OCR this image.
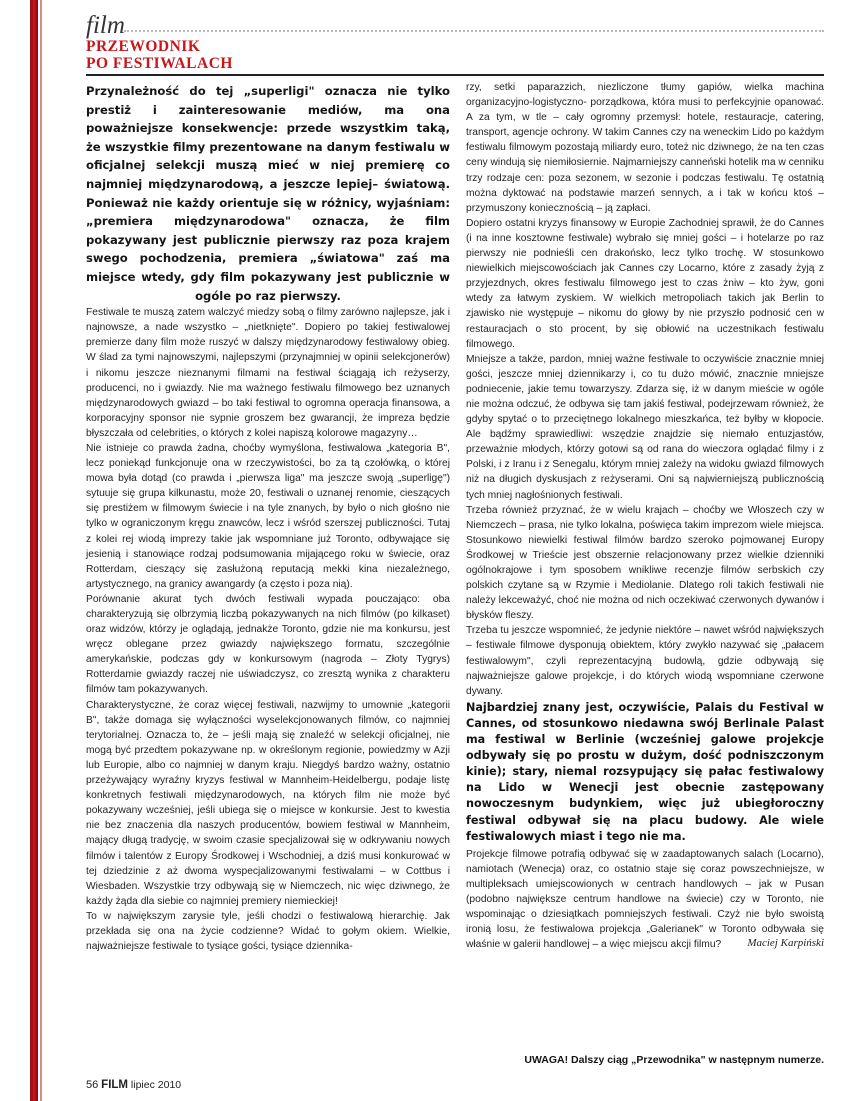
film
PRZEWODNIK
PO FESTIWALACH

Przynależność do tej „superligi" oznacza nie tylko prestiż i zainteresowanie mediów, ma ona poważniejsze konsekwencje: przede wszystkim taką, że wszystkie filmy prezentowane na danym festiwalu w oficjalnej selekcji muszą mieć w niej premierę co najmniej międzynarodową, a jeszcze lepiej– światową. Ponieważ nie każdy orientuje się w różnicy, wyjaśniam: „premiera międzynarodowa" oznacza, że film pokazywany jest publicznie pierwszy raz poza krajem swego pochodzenia, premiera „światowa" zaś ma miejsce wtedy, gdy film pokazywany jest publicznie w ogóle po raz pierwszy.

Festiwale te muszą zatem walczyć miedzy sobą o filmy zarówno najlepsze, jak i najnowsze, a nade wszystko – „nietknięte". Dopiero po takiej festiwalowej premierze dany film może ruszyć w dalszy międzynarodowy festiwalowy obieg. W ślad za tymi najnowszymi, najlepszymi (przynajmniej w opinii selekcjonerów) i nikomu jeszcze nieznanymi filmami na festiwal ściągają ich reżyserzy, producenci, no i gwiazdy. Nie ma ważnego festiwalu filmowego bez uznanych międzynarodowych gwiazd – bo taki festiwal to ogromna operacja finansowa, a korporacyjny sponsor nie sypnie groszem bez gwarancji, że impreza będzie błyszczała od celebrities, o których z kolei napiszą kolorowe magazyny…

Nie istnieje co prawda żadna, choćby wymyślona, festiwalowa „kategoria B", lecz poniekąd funkcjonuje ona w rzeczywistości, bo za tą czołówką, o której mowa była dotąd (co prawda i „pierwsza liga" ma jeszcze swoją „superligę") sytuuje się grupa kilkunastu, może 20, festiwali o uznanej renomie, cieszących się prestiżem w filmowym świecie i na tyle znanych, by było o nich głośno nie tylko w ograniczonym kręgu znawców, lecz i wśród szerszej publiczności. Tutaj z kolei rej wiodą imprezy takie jak wspomniane już Toronto, odbywające się jesienią i stanowiące rodzaj podsumowania mijającego roku w świecie, oraz Rotterdam, cieszący się zasłużoną reputacją mekki kina niezależnego, artystycznego, na granicy awangardy (a często i poza nią).

Porównanie akurat tych dwóch festiwali wypada pouczająco: oba charakteryzują się olbrzymią liczbą pokazywanych na nich filmów (po kilkaset) oraz widzów, którzy je oglądają, jednakże Toronto, gdzie nie ma konkursu, jest wręcz oblegane przez gwiazdy największego formatu, szczególnie amerykańskie, podczas gdy w konkursowym (nagroda – Złoty Tygrys) Rotterdamie gwiazdy raczej nie uświadczysz, co zresztą wynika z charakteru filmów tam pokazywanych.

Charakterystyczne, że coraz więcej festiwali, nazwijmy to umownie „kategorii B", także domaga się wyłączności wyselekcjonowanych filmów, co najmniej terytorialnej. Oznacza to, że – jeśli mają się znaleźć w selekcji oficjalnej, nie mogą być przedtem pokazywane np. w określonym regionie, powiedzmy w Azji lub Europie, albo co najmniej w danym kraju. Niegdyś bardzo ważny, ostatnio przeżywający wyraźny kryzys festiwal w Mannheim-Heidelbergu, podaje listę konkretnych festiwali międzynarodowych, na których film nie może być pokazywany wcześniej, jeśli ubiega się o miejsce w konkursie. Jest to kwestia nie bez znaczenia dla naszych producentów, bowiem festiwal w Mannheim, mający długą tradycję, w swoim czasie specjalizował się w odkrywaniu nowych filmów i talentów z Europy Środkowej i Wschodniej, a dziś musi konkurować w tej dziedzinie z aż dwoma wyspecjalizowanymi festiwalami – w Cottbus i Wiesbaden. Wszystkie trzy odbywają się w Niemczech, nic więc dziwnego, że każdy żąda dla siebie co najmniej premiery niemieckiej!

To w największym zarysie tyle, jeśli chodzi o festiwalową hierarchię. Jak przekłada się ona na życie codzienne? Widać to gołym okiem. Wielkie, najważniejsze festiwale to tysiące gości, tysiące dziennika-

rzy, setki paparazzich, niezliczone tłumy gapiów, wielka machina organizacyjno-logistyczno- porządkowa, która musi to perfekcyjnie opanować. A za tym, w tle – cały ogromny przemysł: hotele, restauracje, catering, transport, agencje ochrony. W takim Cannes czy na weneckim Lido po każdym festiwalu filmowym pozostają miliardy euro, toteż nic dziwnego, że na ten czas ceny windują się niemiłosiernie. Najmarniejszy canneński hotelik ma w cenniku trzy rodzaje cen: poza sezonem, w sezonie i podczas festiwalu. Tę ostatnią można dyktować na podstawie marzeń sennych, a i tak w końcu ktoś – przymuszony koniecznością – ją zapłaci.

Dopiero ostatni kryzys finansowy w Europie Zachodniej sprawił, że do Cannes (i na inne kosztowne festiwale) wybrało się mniej gości – i hotelarze po raz pierwszy nie podnieśli cen drakońsko, lecz tylko trochę. W stosunkowo niewielkich miejscowościach jak Cannes czy Locarno, które z zasady żyją z przyjezdnych, okres festiwalu filmowego jest to czas żniw – kto żyw, goni wtedy za łatwym zyskiem. W wielkich metropoliach takich jak Berlin to zjawisko nie występuje – nikomu do głowy by nie przyszło podnosić cen w restauracjach o sto procent, by się obłowić na uczestnikach festiwalu filmowego.

Mniejsze a także, pardon, mniej ważne festiwale to oczywiście znacznie mniej gości, jeszcze mniej dziennikarzy i, co tu dużo mówić, znacznie mniejsze podniecenie, jakie temu towarzyszy. Zdarza się, iż w danym mieście w ogóle nie można odczuć, że odbywa się tam jakiś festiwal, podejrzewam również, że gdyby spytać o to przeciętnego lokalnego mieszkańca, też byłby w kłopocie. Ale bądźmy sprawiedliwi: wszędzie znajdzie się niemało entuzjastów, przeważnie młodych, którzy gotowi są od rana do wieczora oglądać filmy i z Polski, i z Iranu i z Senegalu, którym mniej zależy na widoku gwiazd filmowych niż na długich dyskusjach z reżyserami. Oni są najwierniejszą publicznością tych mniej nagłośnionych festiwali.

Trzeba również przyznać, że w wielu krajach – choćby we Włoszech czy w Niemczech – prasa, nie tylko lokalna, poświęca takim imprezom wiele miejsca. Stosunkowo niewielki festiwal filmów bardzo szeroko pojmowanej Europy Środkowej w Trieście jest obszernie relacjonowany przez wielkie dzienniki ogólnokrajowe i tym sposobem wnikliwe recenzje filmów serbskich czy polskich czytane są w Rzymie i Mediolanie. Dlatego roli takich festiwali nie należy lekceważyć, choć nie można od nich oczekiwać czerwonych dywanów i błysków fleszy.

Trzeba tu jeszcze wspomnieć, że jedynie niektóre – nawet wśród największych – festiwale filmowe dysponują obiektem, który zwykło nazywać się „pałacem festiwalowym", czyli reprezentacyjną budowlą, gdzie odbywają się najważniejsze galowe projekcje, i do których wiodą wspomniane czerwone dywany.

Najbardziej znany jest, oczywiście, Palais du Festival w Cannes, od stosunkowo niedawna swój Berlinale Palast ma festiwal w Berlinie (wcześniej galowe projekcje odbywały się po prostu w dużym, dość podniszczonym kinie); stary, niemal rozsypujący się pałac festiwalowy na Lido w Wenecji jest obecnie zastępowany nowoczesnym budynkiem, więc już ubiegłoroczny festiwal odbywał się na placu budowy. Ale wiele festiwalowych miast i tego nie ma.

Projekcje filmowe potrafią odbywać się w zaadaptowanych salach (Locarno), namiotach (Wenecja) oraz, co ostatnio staje się coraz powszechniejsze, w multipleksach umiejscowionych w centrach handlowych – jak w Pusan (podobno największe centrum handlowe na świecie) czy w Toronto, nie wspominając o dziesiątkach pomniejszych festiwali. Czyż nie było swoistą ironią losu, że festiwalowa projekcja „Galerianek" w Toronto odbywała się właśnie w galerii handlowej – a więc miejscu akcji filmu?	Maciej Karpiński

UWAGA! Dalszy ciąg „Przewodnika" w następnym numerze.
56 FILM lipiec 2010
